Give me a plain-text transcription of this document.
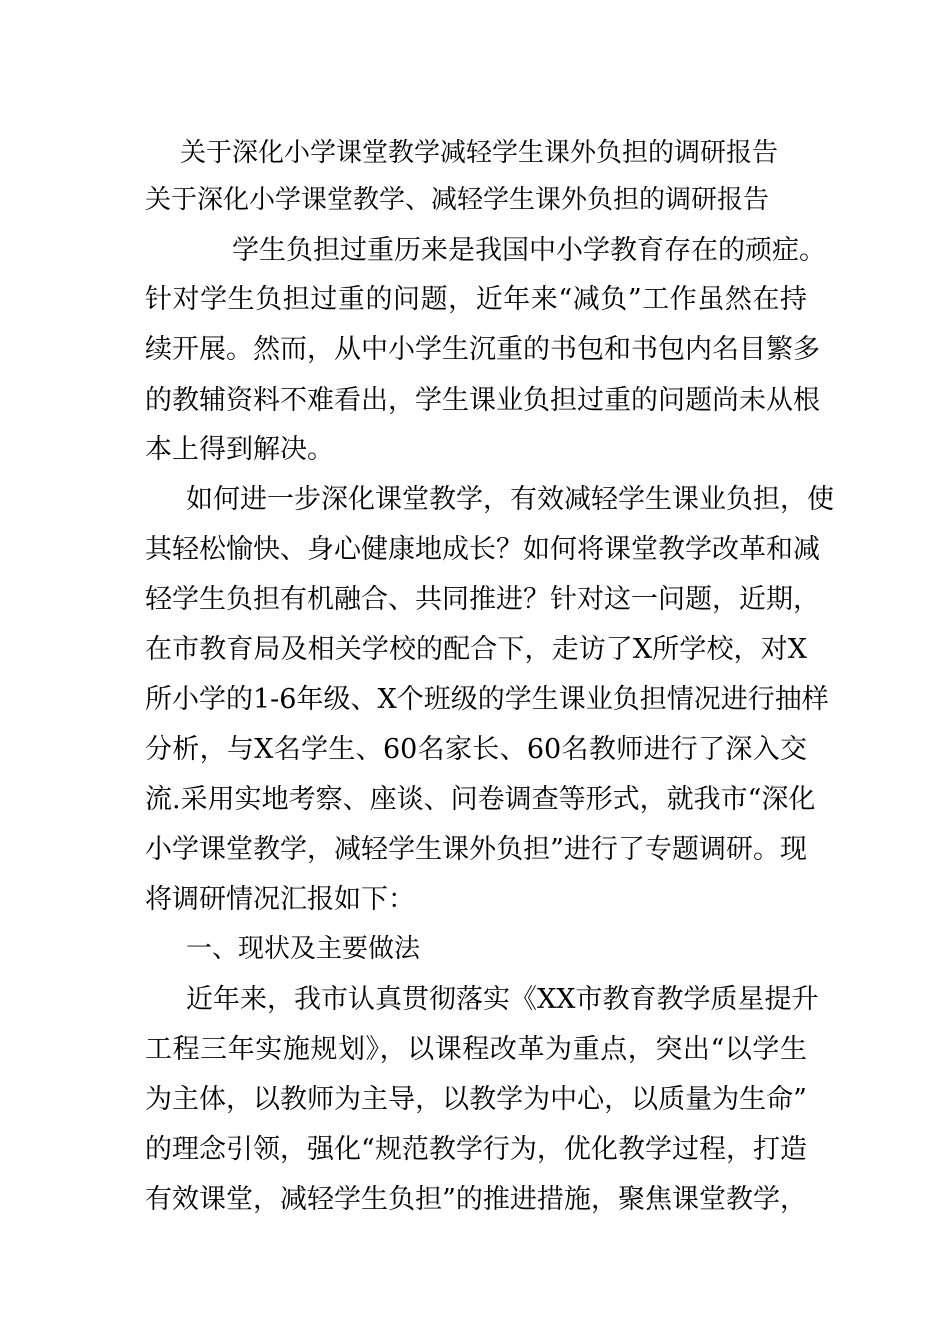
关于深化小学课堂教学减轻学生课外负担的调研报告
关于深化小学课堂教学、减轻学生课外负担的调研报告
学生负担过重历来是我国中小学教育存在的顽症。
针对学生负担过重的问题，近年来“减负”工作虽然在持
续开展。然而，从中小学生沉重的书包和书包内名目繁多
的教辅资料不难看出，学生课业负担过重的问题尚未从根
本上得到解决。
如何进一步深化课堂教学，有效减轻学生课业负担，使
其轻松愉快、身心健康地成长？如何将课堂教学改革和减
轻学生负担有机融合、共同推进？针对这一问题，近期，
在市教育局及相关学校的配合下，走访了X所学校，对X
所小学的1-6年级、X个班级的学生课业负担情况进行抽样
分析，与X名学生、60名家长、60名教师进行了深入交
流.采用实地考察、座谈、问卷调查等形式，就我市“深化
小学课堂教学，减轻学生课外负担”进行了专题调研。现
将调研情况汇报如下：
一、现状及主要做法
近年来，我市认真贯彻落实《XX市教育教学质星提升
工程三年实施规划》，以课程改革为重点，突出“以学生
为主体，以教师为主导，以教学为中心，以质量为生命”
的理念引领，强化“规范教学行为，优化教学过程，打造
有效课堂，减轻学生负担”的推进措施，聚焦课堂教学，
